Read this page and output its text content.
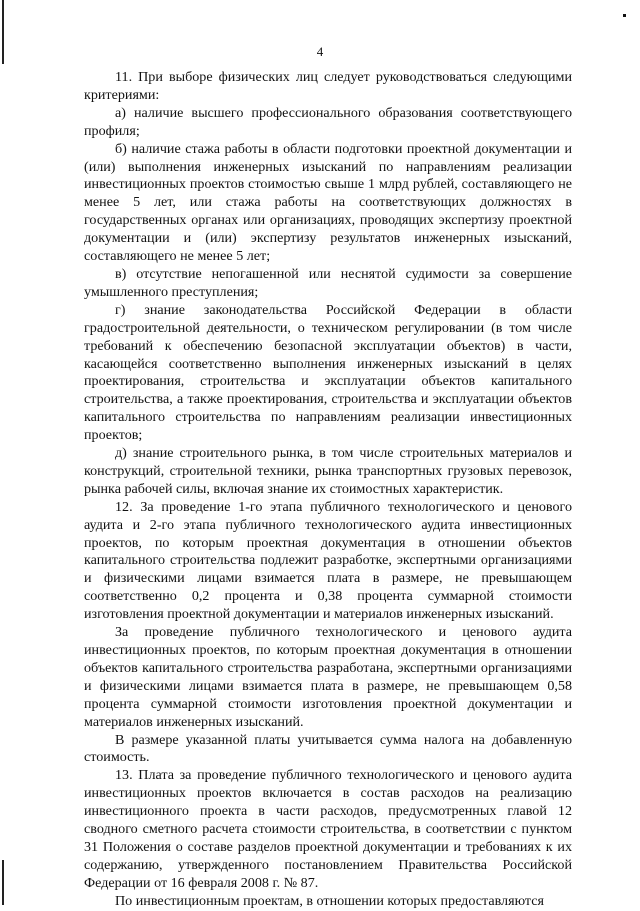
4

11. При выборе физических лиц следует руководствоваться следующими критериями:

а) наличие высшего профессионального образования соответствующего профиля;

б) наличие стажа работы в области подготовки проектной документации и (или) выполнения инженерных изысканий по направлениям реализации инвестиционных проектов стоимостью свыше 1 млрд рублей, составляющего не менее 5 лет, или стажа работы на соответствующих должностях в государственных органах или организациях, проводящих экспертизу проектной документации и (или) экспертизу результатов инженерных изысканий, составляющего не менее 5 лет;

в) отсутствие непогашенной или неснятой судимости за совершение умышленного преступления;

г) знание законодательства Российской Федерации в области градостроительной деятельности, о техническом регулировании (в том числе требований к обеспечению безопасной эксплуатации объектов) в части, касающейся соответственно выполнения инженерных изысканий в целях проектирования, строительства и эксплуатации объектов капитального строительства, а также проектирования, строительства и эксплуатации объектов капитального строительства по направлениям реализации инвестиционных проектов;

д) знание строительного рынка, в том числе строительных материалов и конструкций, строительной техники, рынка транспортных грузовых перевозок, рынка рабочей силы, включая знание их стоимостных характеристик.

12. За проведение 1-го этапа публичного технологического и ценового аудита и 2-го этапа публичного технологического аудита инвестиционных проектов, по которым проектная документация в отношении объектов капитального строительства подлежит разработке, экспертными организациями и физическими лицами взимается плата в размере, не превышающем соответственно 0,2 процента и 0,38 процента суммарной стоимости изготовления проектной документации и материалов инженерных изысканий.

За проведение публичного технологического и ценового аудита инвестиционных проектов, по которым проектная документация в отношении объектов капитального строительства разработана, экспертными организациями и физическими лицами взимается плата в размере, не превышающем 0,58 процента суммарной стоимости изготовления проектной документации и материалов инженерных изысканий.

В размере указанной платы учитывается сумма налога на добавленную стоимость.

13. Плата за проведение публичного технологического и ценового аудита инвестиционных проектов включается в состав расходов на реализацию инвестиционного проекта в части расходов, предусмотренных главой 12 сводного сметного расчета стоимости строительства, в соответствии с пунктом 31 Положения о составе разделов проектной документации и требованиях к их содержанию, утвержденного постановлением Правительства Российской Федерации от 16 февраля 2008 г. № 87.

По инвестиционным проектам, в отношении которых предоставляются
